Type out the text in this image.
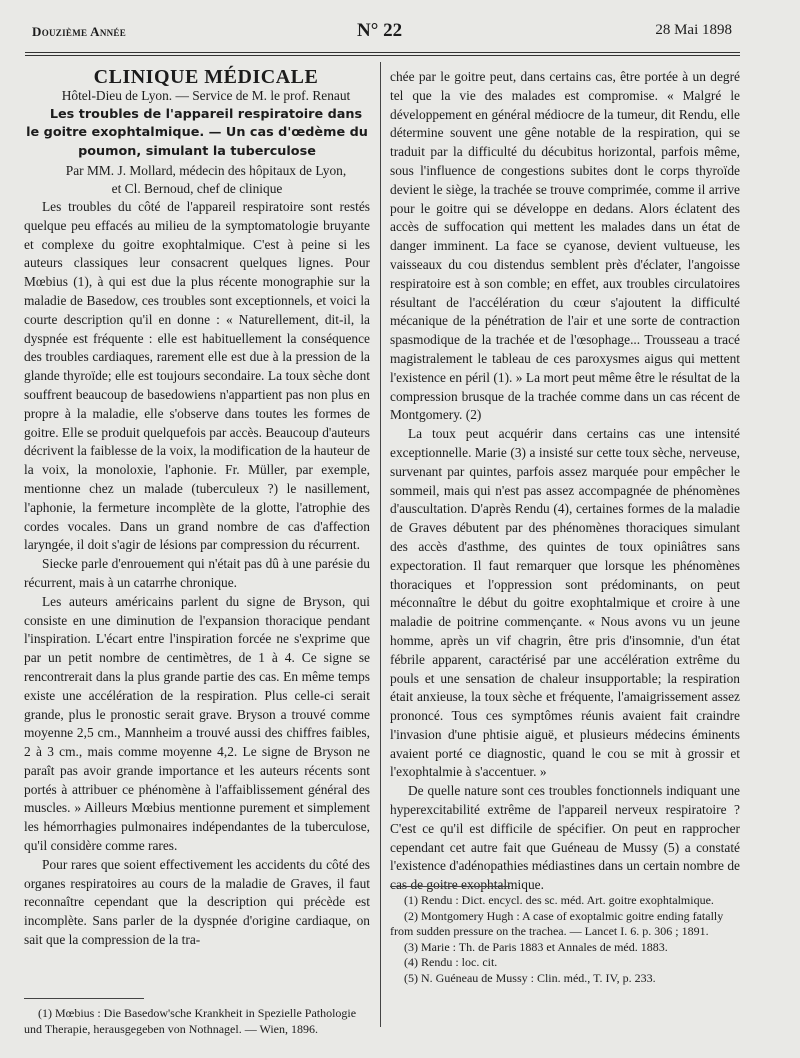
Douzième Année	N° 22	28 Mai 1898

CLINIQUE MÉDICALE

Hôtel-Dieu de Lyon. — Service de M. le prof. Renaut

Les troubles de l'appareil respiratoire dans le goitre exophtalmique. — Un cas d'œdème du poumon, simulant la tuberculose

Par MM. J. Mollard, médecin des hôpitaux de Lyon,
et Cl. Bernoud, chef de clinique

Les troubles du côté de l'appareil respiratoire sont restés quelque peu effacés au milieu de la symptomatologie bruyante et complexe du goitre exophtalmique. C'est à peine si les auteurs classiques leur consacrent quelques lignes. Pour Mœbius (1), à qui est due la plus récente monographie sur la maladie de Basedow, ces troubles sont exceptionnels, et voici la courte description qu'il en donne : « Naturellement, dit-il, la dyspnée est fréquente : elle est habituellement la conséquence des troubles cardiaques, rarement elle est due à la pression de la glande thyroïde; elle est toujours secondaire. La toux sèche dont souffrent beaucoup de basedowiens n'appartient pas non plus en propre à la maladie, elle s'observe dans toutes les formes de goitre. Elle se produit quelquefois par accès. Beaucoup d'auteurs décrivent la faiblesse de la voix, la modification de la hauteur de la voix, la monoloxie, l'aphonie. Fr. Müller, par exemple, mentionne chez un malade (tuberculeux ?) le nasillement, l'aphonie, la fermeture incomplète de la glotte, l'atrophie des cordes vocales. Dans un grand nombre de cas d'affection laryngée, il doit s'agir de lésions par compression du récurrent.

Siecke parle d'enrouement qui n'était pas dû à une parésie du récurrent, mais à un catarrhe chronique.

Les auteurs américains parlent du signe de Bryson, qui consiste en une diminution de l'expansion thoracique pendant l'inspiration. L'écart entre l'inspiration forcée ne s'exprime que par un petit nombre de centimètres, de 1 à 4. Ce signe se rencontrerait dans la plus grande partie des cas. En même temps existe une accélération de la respiration. Plus celle-ci serait grande, plus le pronostic serait grave. Bryson a trouvé comme moyenne 2,5 cm., Mannheim a trouvé aussi des chiffres faibles, 2 à 3 cm., mais comme moyenne 4,2. Le signe de Bryson ne paraît pas avoir grande importance et les auteurs récents sont portés à attribuer ce phénomène à l'affaiblissement général des muscles. » Ailleurs Mœbius mentionne purement et simplement les hémorrhagies pulmonaires indépendantes de la tuberculose, qu'il considère comme rares.

Pour rares que soient effectivement les accidents du côté des organes respiratoires au cours de la maladie de Graves, il faut reconnaître cependant que la description qui précède est incomplète. Sans parler de la dyspnée d'origine cardiaque, on sait que la compression de la tra-

(1) Mœbius : Die Basedow'sche Krankheit in Spezielle Pathologie und Therapie, herausgegeben von Nothnagel. — Wien, 1896.

chée par le goitre peut, dans certains cas, être portée à un degré tel que la vie des malades est compromise. « Malgré le développement en général médiocre de la tumeur, dit Rendu, elle détermine souvent une gêne notable de la respiration, qui se traduit par la difficulté du décubitus horizontal, parfois même, sous l'influence de congestions subites dont le corps thyroïde devient le siège, la trachée se trouve comprimée, comme il arrive pour le goitre qui se développe en dedans. Alors éclatent des accès de suffocation qui mettent les malades dans un état de danger imminent. La face se cyanose, devient vultueuse, les vaisseaux du cou distendus semblent près d'éclater, l'angoisse respiratoire est à son comble; en effet, aux troubles circulatoires résultant de l'accélération du cœur s'ajoutent la difficulté mécanique de la pénétration de l'air et une sorte de contraction spasmodique de la trachée et de l'œsophage... Trousseau a tracé magistralement le tableau de ces paroxysmes aigus qui mettent l'existence en péril (1). » La mort peut même être le résultat de la compression brusque de la trachée comme dans un cas récent de Montgomery. (2)

La toux peut acquérir dans certains cas une intensité exceptionnelle. Marie (3) a insisté sur cette toux sèche, nerveuse, survenant par quintes, parfois assez marquée pour empêcher le sommeil, mais qui n'est pas assez accompagnée de phénomènes d'auscultation. D'après Rendu (4), certaines formes de la maladie de Graves débutent par des phénomènes thoraciques simulant des accès d'asthme, des quintes de toux opiniâtres sans expectoration. Il faut remarquer que lorsque les phénomènes thoraciques et l'oppression sont prédominants, on peut méconnaître le début du goitre exophtalmique et croire à une maladie de poitrine commençante. « Nous avons vu un jeune homme, après un vif chagrin, être pris d'insomnie, d'un état fébrile apparent, caractérisé par une accélération extrême du pouls et une sensation de chaleur insupportable; la respiration était anxieuse, la toux sèche et fréquente, l'amaigrissement assez prononcé. Tous ces symptômes réunis avaient fait craindre l'invasion d'une phtisie aiguë, et plusieurs médecins éminents avaient porté ce diagnostic, quand le cou se mit à grossir et l'exophtalmie à s'accentuer. »

De quelle nature sont ces troubles fonctionnels indiquant une hyperexcitabilité extrême de l'appareil nerveux respiratoire ? C'est ce qu'il est difficile de spécifier. On peut en rapprocher cependant cet autre fait que Guéneau de Mussy (5) a constaté l'existence d'adénopathies médiastines dans un certain nombre de cas de goitre exophtalmique.

(1) Rendu : Dict. encycl. des sc. méd. Art. goitre exophtalmique.

(2) Montgomery Hugh : A case of exoptalmic goitre ending fatally from sudden pressure on the trachea. — Lancet I. 6. p. 306 ; 1891.

(3) Marie : Th. de Paris 1883 et Annales de méd. 1883.

(4) Rendu : loc. cit.

(5) N. Guéneau de Mussy : Clin. méd., T. IV, p. 233.
